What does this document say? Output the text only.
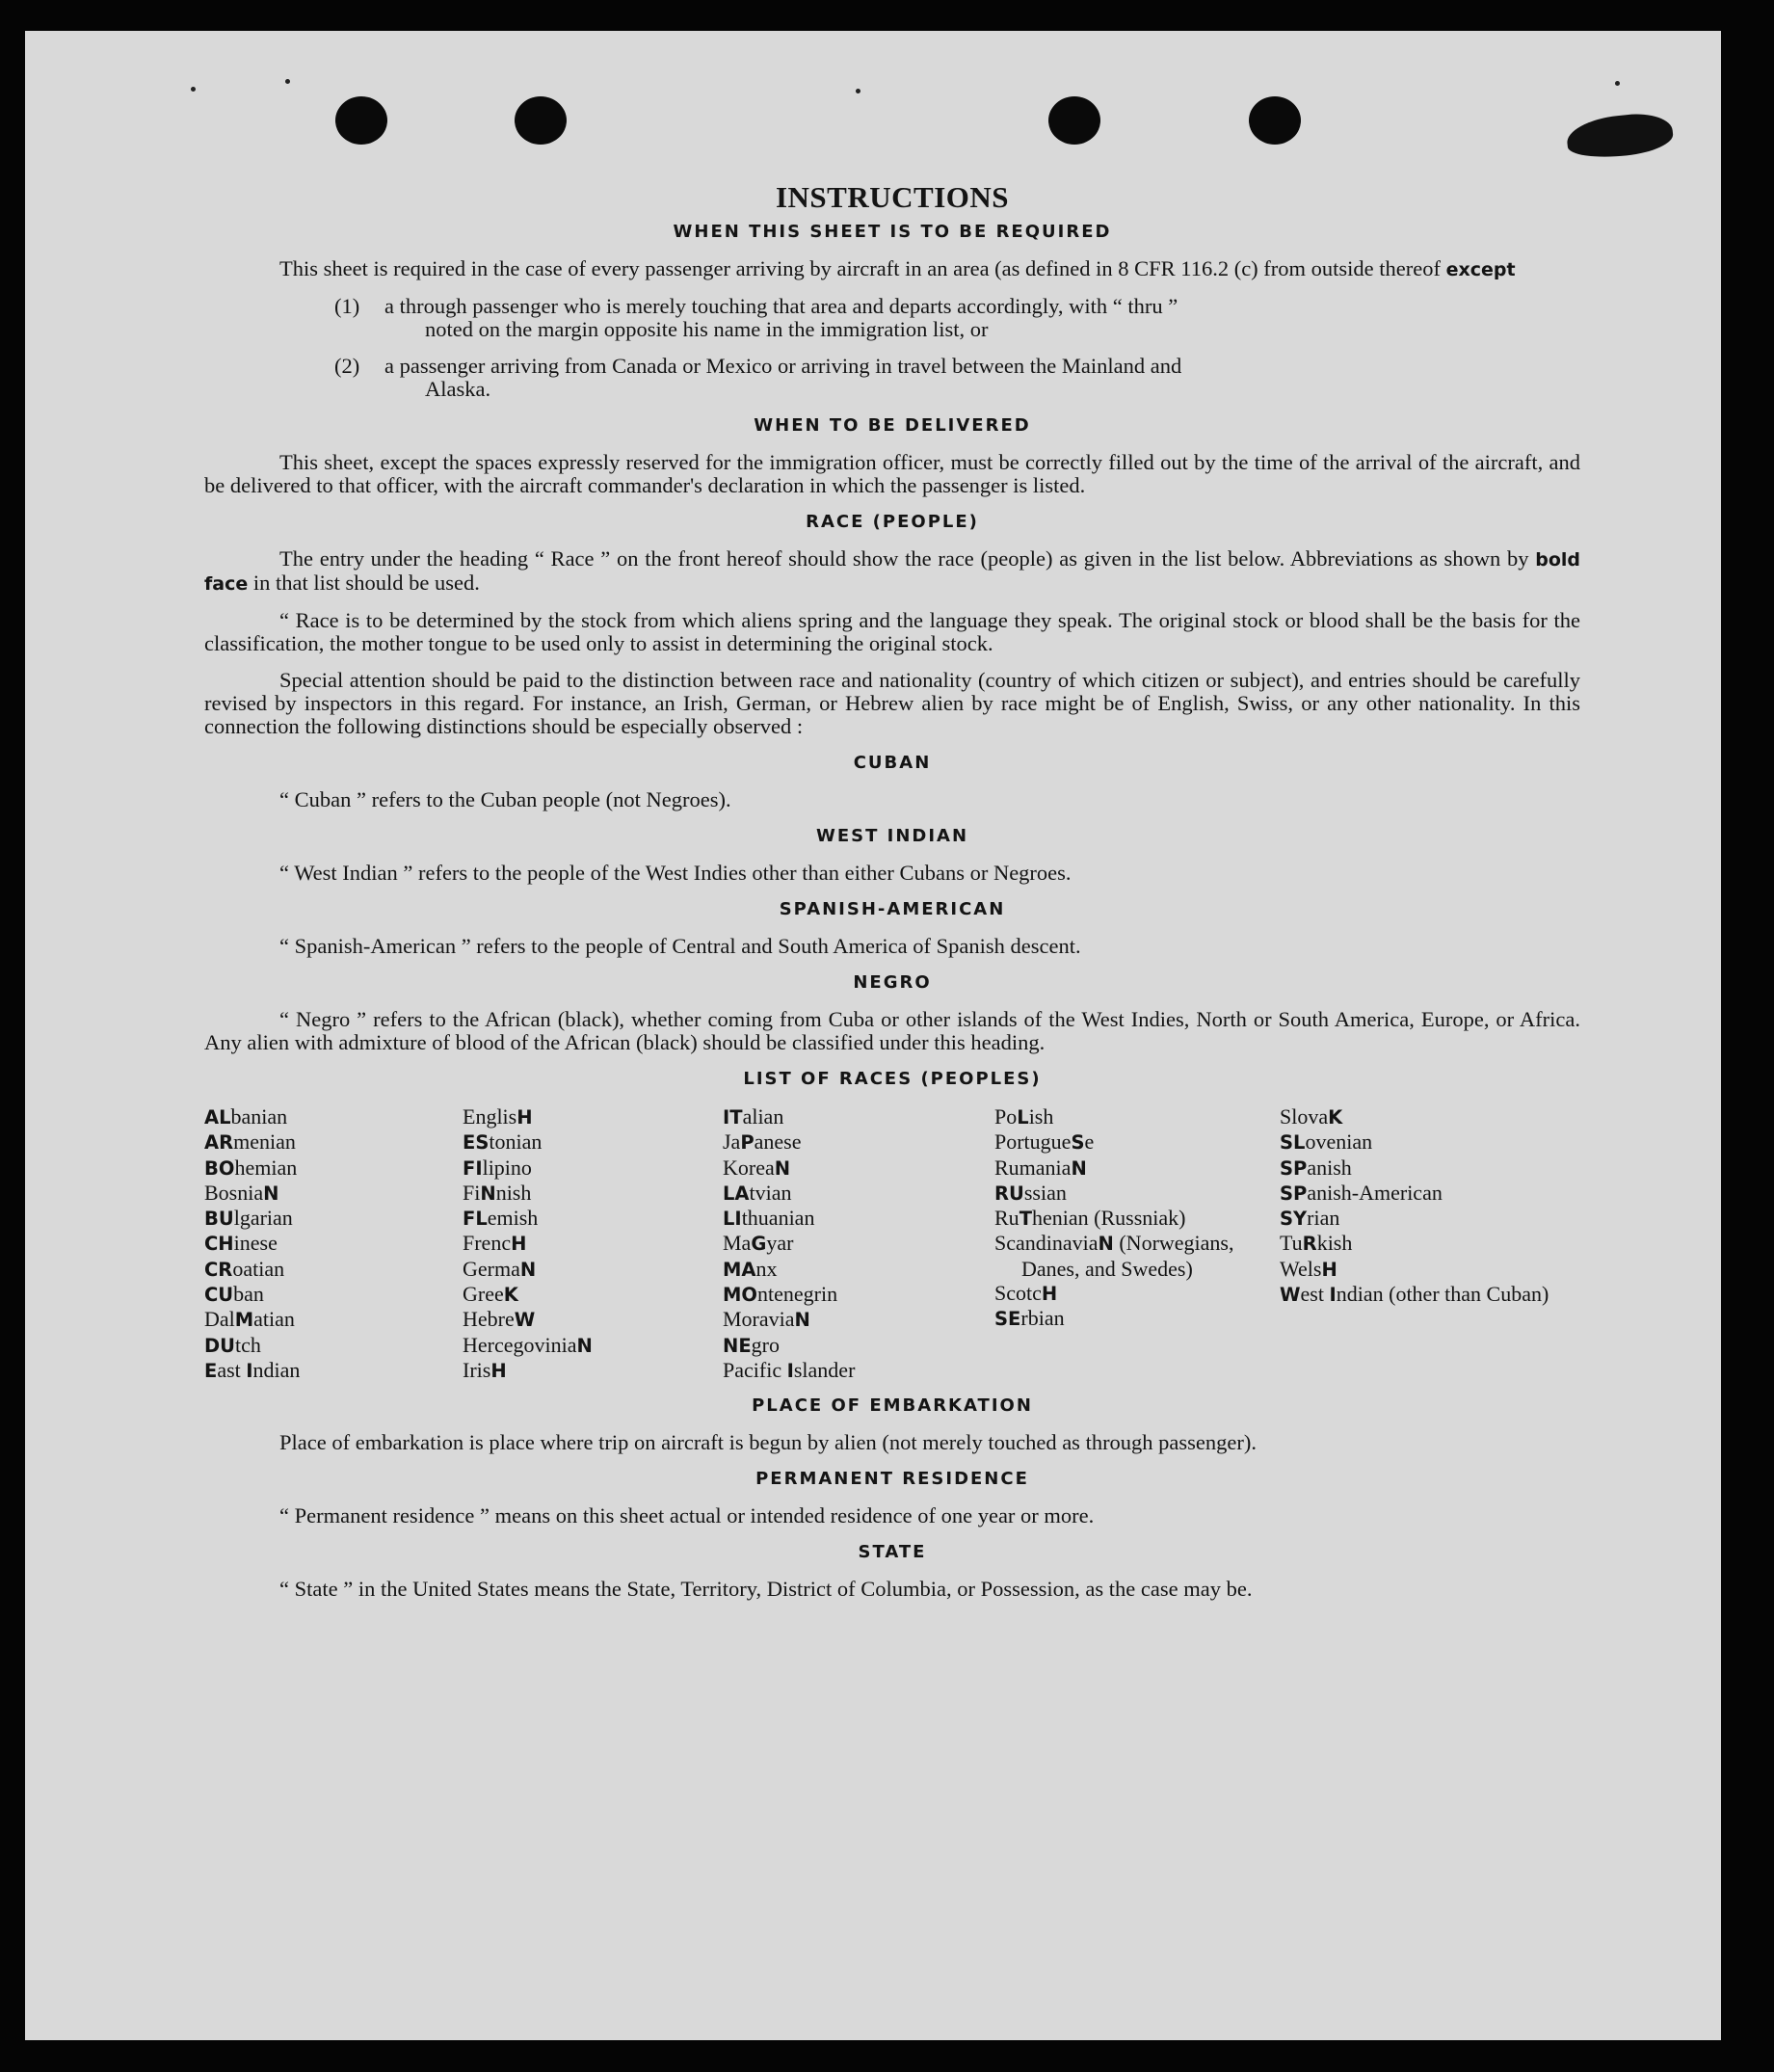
INSTRUCTIONS
WHEN THIS SHEET IS TO BE REQUIRED

This sheet is required in the case of every passenger arriving by aircraft in an area (as defined in 8 CFR 116.2 (c) from outside thereof except

(1)	a through passenger who is merely touching that area and departs accordingly, with “ thru ”
noted on the margin opposite his name in the immigration list, or
(2)	a passenger arriving from Canada or Mexico or arriving in travel between the Mainland and
Alaska.
WHEN TO BE DELIVERED

This sheet, except the spaces expressly reserved for the immigration officer, must be correctly filled out by the time of the arrival of the aircraft, and be delivered to that officer, with the aircraft commander's declaration in which the passenger is listed.

RACE (PEOPLE)

The entry under the heading “ Race ” on the front hereof should show the race (people) as given in the list below. Abbreviations as shown by bold face in that list should be used.

“ Race is to be determined by the stock from which aliens spring and the language they speak. The original stock or blood shall be the basis for the classification, the mother tongue to be used only to assist in determining the original stock.

Special attention should be paid to the distinction between race and nationality (country of which citizen or subject), and entries should be carefully revised by inspectors in this regard. For instance, an Irish, German, or Hebrew alien by race might be of English, Swiss, or any other nationality. In this connection the following distinctions should be especially observed :

CUBAN

“ Cuban ” refers to the Cuban people (not Negroes).

WEST INDIAN

“ West Indian ” refers to the people of the West Indies other than either Cubans or Negroes.

SPANISH-AMERICAN

“ Spanish-American ” refers to the people of Central and South America of Spanish descent.

NEGRO

“ Negro ” refers to the African (black), whether coming from Cuba or other islands of the West Indies, North or South America, Europe, or Africa. Any alien with admixture of blood of the African (black) should be classified under this heading.

LIST OF RACES (PEOPLES)
ALbanian
ARmenian
BOhemian
BosniaN
BUlgarian
CHinese
CRoatian
CUban
DalMatian
DUtch
East Indian
EnglisH
EStonian
FIlipino
FiNnish
FLemish
FrencH
GermaN
GreeK
HebreW
HercegoviniaN
IrisH
ITalian
JaPanese
KoreaN
LAtvian
LIthuanian
MaGyar
MAnx
MOntenegrin
MoraviaN
NEgro
Pacific Islander
PoLish
PortugueSe
RumaniaN
RUssian
RuThenian (Russniak)
ScandinaviaN (Norwegians, Danes, and Swedes)
ScotcH
SErbian
SlovaK
SLovenian
SPanish
SPanish-American
SYrian
TuRkish
WelsH
West Indian (other than Cuban)
PLACE OF EMBARKATION

Place of embarkation is place where trip on aircraft is begun by alien (not merely touched as through passenger).

PERMANENT RESIDENCE

“ Permanent residence ” means on this sheet actual or intended residence of one year or more.

STATE

“ State ” in the United States means the State, Territory, District of Columbia, or Possession, as the case may be.
